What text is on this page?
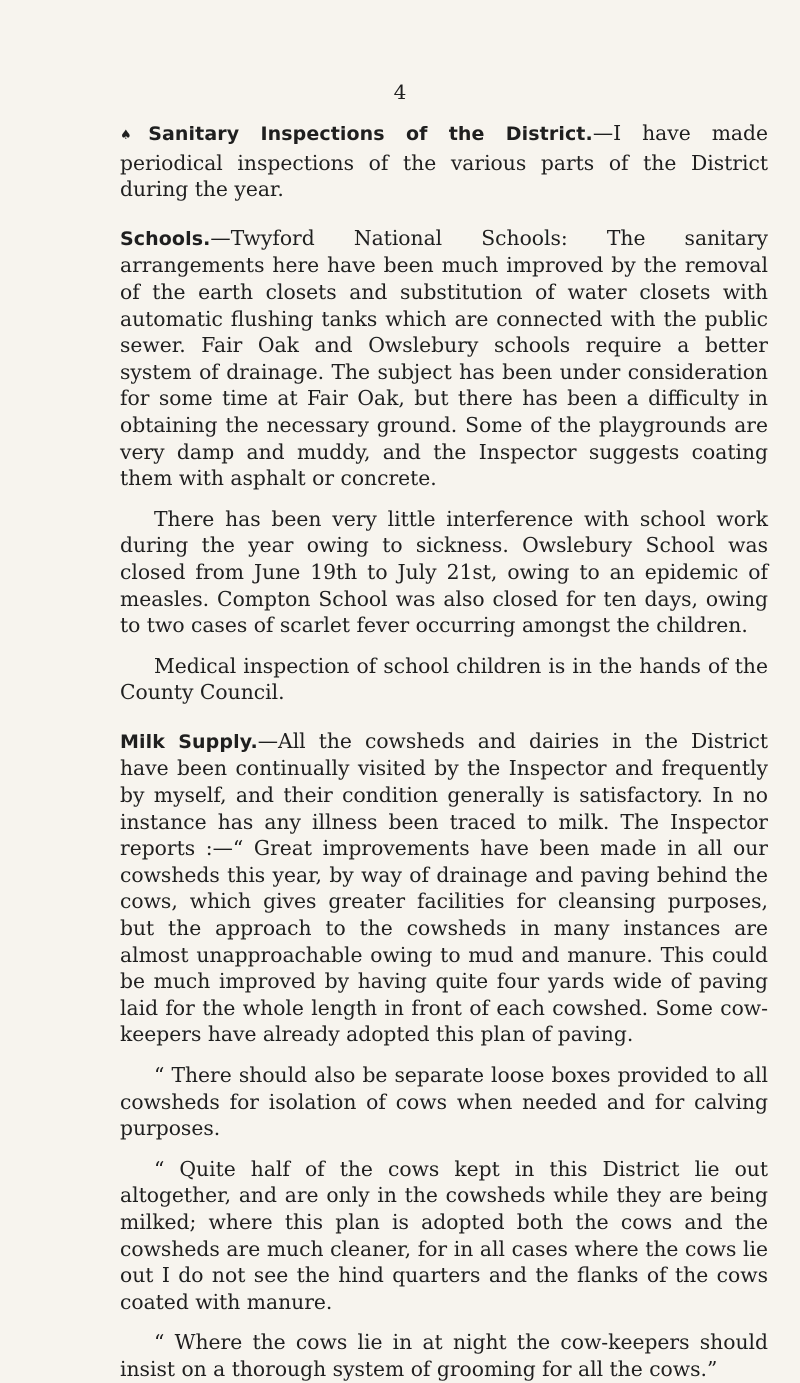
4

♠ Sanitary Inspections of the District.—I have made periodical inspections of the various parts of the District during the year.

Schools.—Twyford National Schools: The sanitary arrangements here have been much improved by the removal of the earth closets and substitution of water closets with automatic flushing tanks which are connected with the public sewer. Fair Oak and Owslebury schools require a better system of drainage. The subject has been under consideration for some time at Fair Oak, but there has been a difficulty in obtaining the necessary ground. Some of the playgrounds are very damp and muddy, and the Inspector suggests coating them with asphalt or concrete.

There has been very little interference with school work during the year owing to sickness. Owslebury School was closed from June 19th to July 21st, owing to an epidemic of measles. Compton School was also closed for ten days, owing to two cases of scarlet fever occurring amongst the children.

Medical inspection of school children is in the hands of the County Council.

Milk Supply.—All the cowsheds and dairies in the District have been continually visited by the Inspector and frequently by myself, and their condition generally is satisfactory. In no instance has any illness been traced to milk. The Inspector reports :—“ Great improvements have been made in all our cowsheds this year, by way of drainage and paving behind the cows, which gives greater facilities for cleansing purposes, but the approach to the cowsheds in many instances are almost unapproachable owing to mud and manure. This could be much improved by having quite four yards wide of paving laid for the whole length in front of each cowshed. Some cow-keepers have already adopted this plan of paving.

“ There should also be separate loose boxes provided to all cowsheds for isolation of cows when needed and for calving purposes.

“ Quite half of the cows kept in this District lie out altogether, and are only in the cowsheds while they are being milked; where this plan is adopted both the cows and the cowsheds are much cleaner, for in all cases where the cows lie out I do not see the hind quarters and the flanks of the cows coated with manure.

“ Where the cows lie in at night the cow-keepers should insist on a thorough system of grooming for all the cows.”
